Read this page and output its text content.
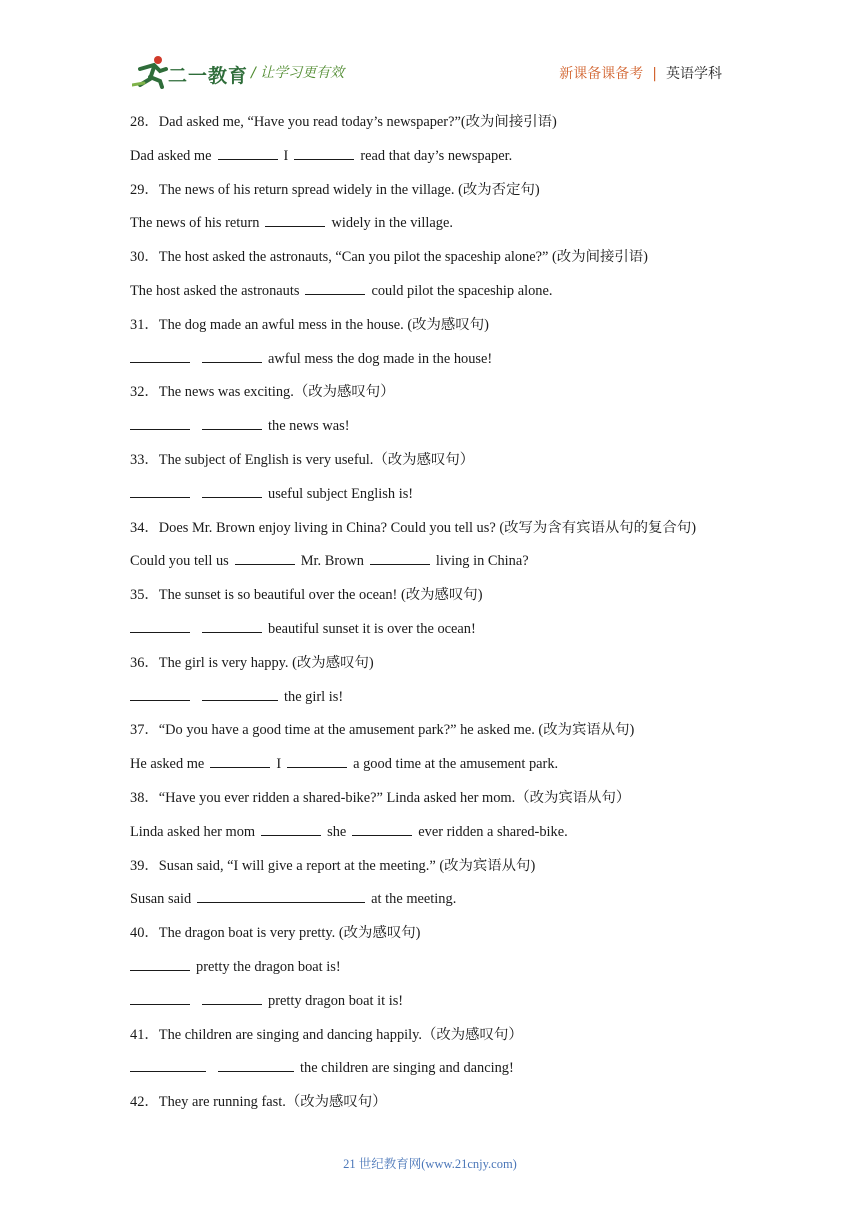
二一教育 / 让学习更有效	新课备课备考 | 英语学科
28．Dad asked me, “Have you read today’s newspaper?”(改为间接引语)
Dad asked me	I	read that day’s newspaper.
29．The news of his return spread widely in the village. (改为否定句)
The news of his return	widely in the village.
30．The host asked the astronauts, “Can you pilot the spaceship alone?” (改为间接引语)
The host asked the astronauts	could pilot the spaceship alone.
31．The dog made an awful mess in the house. (改为感叹句)
awful mess the dog made in the house!
32．The news was exciting.（改为感叹句）
the news was!
33．The subject of English is very useful.（改为感叹句）
useful subject English is!
34．Does Mr. Brown enjoy living in China? Could you tell us? (改写为含有宾语从句的复合句)
Could you tell us	Mr. Brown	living in China?
35．The sunset is so beautiful over the ocean! (改为感叹句)
beautiful sunset it is over the ocean!
36．The girl is very happy. (改为感叹句)
the girl is!
37．“Do you have a good time at the amusement park?” he asked me. (改为宾语从句)
He asked me	I	a good time at the amusement park.
38．“Have you ever ridden a shared-bike?” Linda asked her mom.（改为宾语从句）
Linda asked her mom	she	ever ridden a shared-bike.
39．Susan said, “I will give a report at the meeting.” (改为宾语从句)
Susan said	at the meeting.
40．The dragon boat is very pretty. (改为感叹句)
pretty the dragon boat is!
pretty dragon boat it is!
41．The children are singing and dancing happily.（改为感叹句）
the children are singing and dancing!
42．They are running fast.（改为感叹句）
21 世纪教育网(www.21cnjy.com)
